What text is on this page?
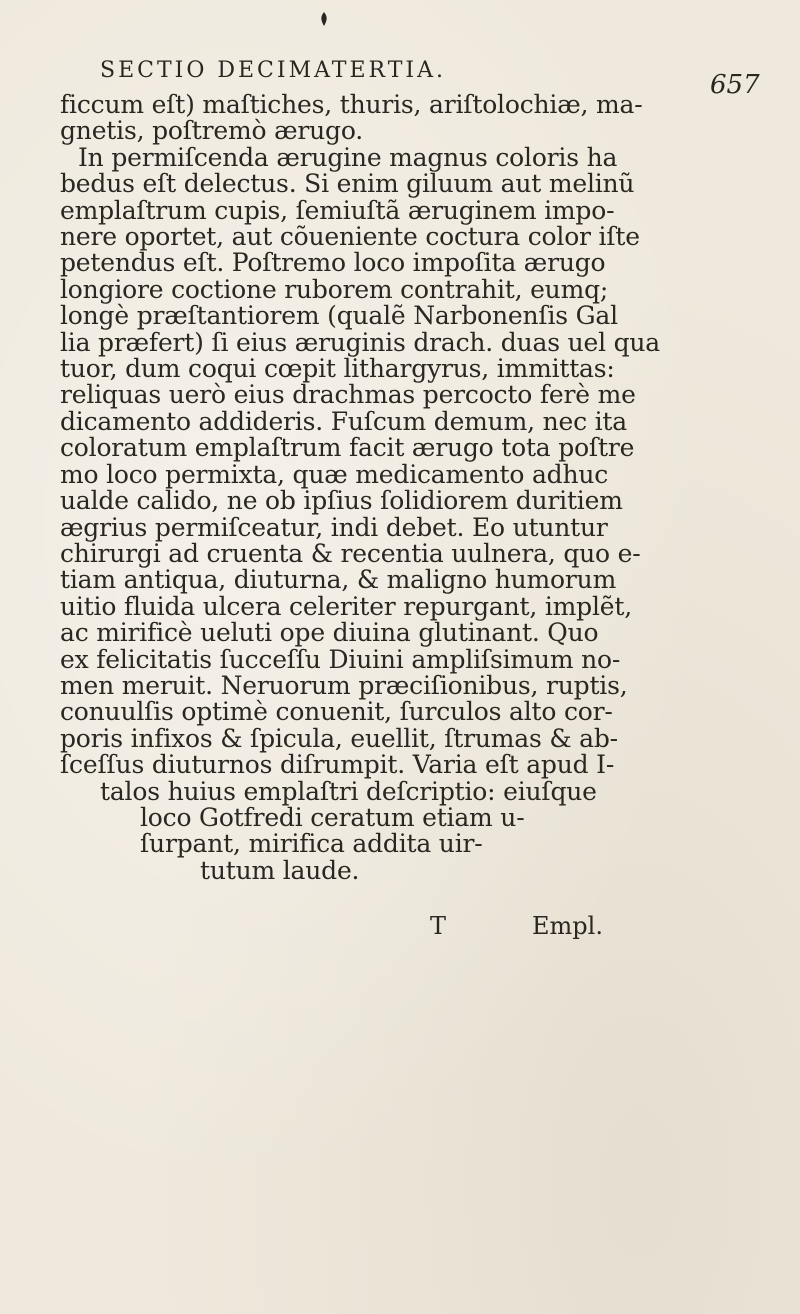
SECTIO DECIMATERTIA.	657
ficcum eſt) maſtiches, thuris, ariſtolochiæ, ma-
gnetis, poſtremò ærugo.
In permiſcenda ærugine magnus coloris ha
bedus eſt delectus. Si enim giluum aut melinũ
emplaſtrum cupis, ſemiuſtã æruginem impo-
nere oportet, aut cõueniente coctura color iſte
petendus eſt. Poſtremo loco impoſita ærugo
longiore coctione ruborem contrahit, eumq;
longè præſtantiorem (qualẽ Narbonenſis Gal
lia præfert) ſi eius æruginis drach. duas uel qua
tuor, dum coqui cœpit lithargyrus, immittas:
reliquas uerò eius drachmas percocto ferè me
dicamento addideris. Fuſcum demum, nec ita
coloratum emplaſtrum facit ærugo tota poſtre
mo loco permixta, quæ medicamento adhuc
ualde calido, ne ob ipſius ſolidiorem duritiem
ægrius permiſceatur, indi debet. Eo utuntur
chirurgi ad cruenta & recentia uulnera, quo e-
tiam antiqua, diuturna, & maligno humorum
uitio fluida ulcera celeriter repurgant, implẽt,
ac mirificè ueluti ope diuina glutinant. Quo
ex felicitatis ſucceſſu Diuini ampliſsimum no-
men meruit. Neruorum præciſionibus, ruptis,
conuulſis optimè conuenit, ſurculos alto cor-
poris infixos & ſpicula, euellit, ſtrumas & ab-
ſceſſus diuturnos diſrumpit. Varia eſt apud I-
talos huius emplaſtri deſcriptio: eiuſque
loco Gotfredi ceratum etiam u-
ſurpant, mirifica addita uir-
tutum laude.
T	Empl.
